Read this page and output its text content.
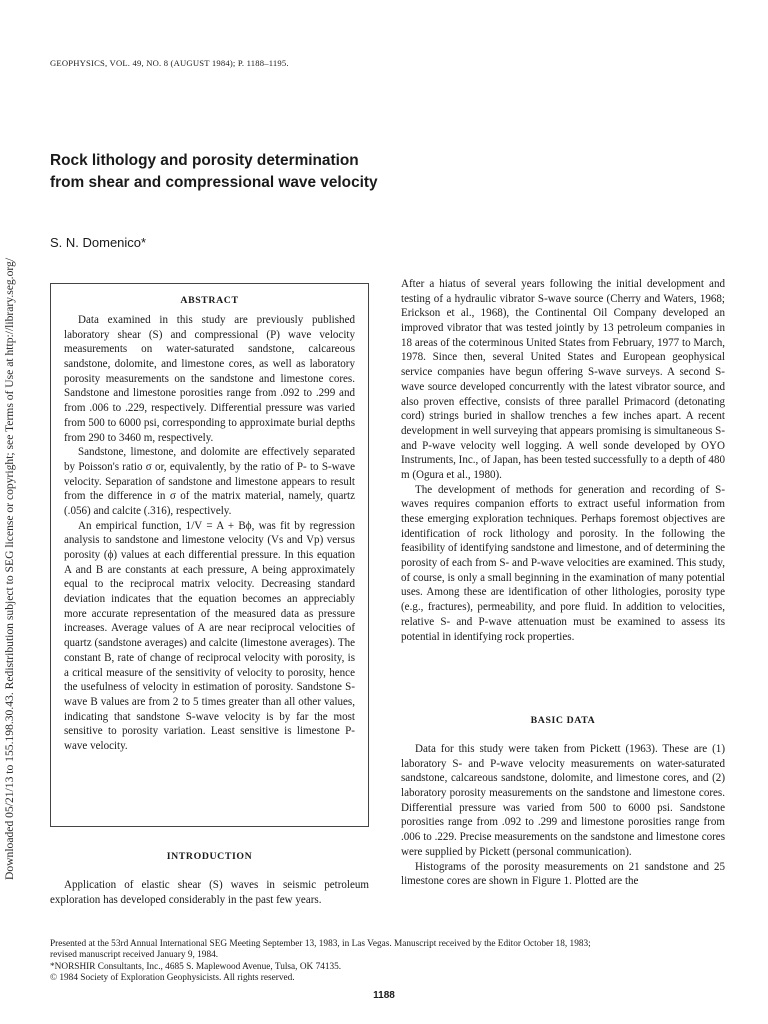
Downloaded 05/21/13 to 155.198.30.43. Redistribution subject to SEG license or copyright; see Terms of Use at http://library.seg.org/
GEOPHYSICS, VOL. 49, NO. 8 (AUGUST 1984); P. 1188–1195.
Rock lithology and porosity determination
from shear and compressional wave velocity
S. N. Domenico*
ABSTRACT

Data examined in this study are previously published laboratory shear (S) and compressional (P) wave velocity measurements on water-saturated sandstone, calcareous sandstone, dolomite, and limestone cores, as well as laboratory porosity measurements on the sandstone and limestone cores. Sandstone and limestone porosities range from .092 to .299 and from .006 to .229, respectively. Differential pressure was varied from 500 to 6000 psi, corresponding to approximate burial depths from 290 to 3460 m, respectively.

Sandstone, limestone, and dolomite are effectively separated by Poisson's ratio σ or, equivalently, by the ratio of P- to S-wave velocity. Separation of sandstone and limestone appears to result from the difference in σ of the matrix material, namely, quartz (.056) and calcite (.316), respectively.

An empirical function, 1/V = A + Bϕ, was fit by regression analysis to sandstone and limestone velocity (Vs and Vp) versus porosity (ϕ) values at each differential pressure. In this equation A and B are constants at each pressure, A being approximately equal to the reciprocal matrix velocity. Decreasing standard deviation indicates that the equation becomes an appreciably more accurate representation of the measured data as pressure increases. Average values of A are near reciprocal velocities of quartz (sandstone averages) and calcite (limestone averages). The constant B, rate of change of reciprocal velocity with porosity, is a critical measure of the sensitivity of velocity to porosity, hence the usefulness of velocity in estimation of porosity. Sandstone S-wave B values are from 2 to 5 times greater than all other values, indicating that sandstone S-wave velocity is by far the most sensitive to porosity variation. Least sensitive is limestone P-wave velocity.

INTRODUCTION

Application of elastic shear (S) waves in seismic petroleum exploration has developed considerably in the past few years.

After a hiatus of several years following the initial development and testing of a hydraulic vibrator S-wave source (Cherry and Waters, 1968; Erickson et al., 1968), the Continental Oil Company developed an improved vibrator that was tested jointly by 13 petroleum companies in 18 areas of the coterminous United States from February, 1977 to March, 1978. Since then, several United States and European geophysical service companies have begun offering S-wave surveys. A second S-wave source developed concurrently with the latest vibrator source, and also proven effective, consists of three parallel Primacord (detonating cord) strings buried in shallow trenches a few inches apart. A recent development in well surveying that appears promising is simultaneous S- and P-wave velocity well logging. A well sonde developed by OYO Instruments, Inc., of Japan, has been tested successfully to a depth of 480 m (Ogura et al., 1980).

The development of methods for generation and recording of S-waves requires companion efforts to extract useful information from these emerging exploration techniques. Perhaps foremost objectives are identification of rock lithology and porosity. In the following the feasibility of identifying sandstone and limestone, and of determining the porosity of each from S- and P-wave velocities are examined. This study, of course, is only a small beginning in the examination of many potential uses. Among these are identification of other lithologies, porosity type (e.g., fractures), permeability, and pore fluid. In addition to velocities, relative S- and P-wave attenuation must be examined to assess its potential in identifying rock properties.

BASIC DATA

Data for this study were taken from Pickett (1963). These are (1) laboratory S- and P-wave velocity measurements on water-saturated sandstone, calcareous sandstone, dolomite, and limestone cores, and (2) laboratory porosity measurements on the sandstone and limestone cores. Differential pressure was varied from 500 to 6000 psi. Sandstone porosities range from .092 to .299 and limestone porosities range from .006 to .229. Precise measurements on the sandstone and limestone cores were supplied by Pickett (personal communication).

Histograms of the porosity measurements on 21 sandstone and 25 limestone cores are shown in Figure 1. Plotted are the

Presented at the 53rd Annual International SEG Meeting September 13, 1983, in Las Vegas. Manuscript received by the Editor October 18, 1983;
revised manuscript received January 9, 1984.
*NORSHIR Consultants, Inc., 4685 S. Maplewood Avenue, Tulsa, OK 74135.
© 1984 Society of Exploration Geophysicists. All rights reserved.
1188
